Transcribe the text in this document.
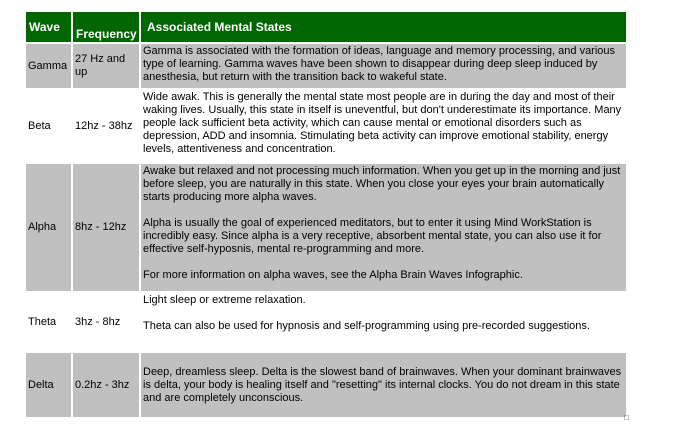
Wave	Frequency	Associated Mental States
Gamma	27 Hz and up	Gamma is associated with the formation of ideas, language and memory processing, and various type of learning. Gamma waves have been shown to disappear during deep sleep induced by anesthesia, but return with the transition back to wakeful state.

Beta	12hz - 38hz	Wide awak. This is generally the mental state most people are in during the day and most of their waking lives. Usually, this state in itself is uneventful, but don't underestimate its importance. Many people lack sufficient beta activity, which can cause mental or emotional disorders such as depression, ADD and insomnia. Stimulating beta activity can improve emotional stability, energy levels, attentiveness and concentration.

Alpha	8hz - 12hz	Awake but relaxed and not processing much information. When you get up in the morning and just before sleep, you are naturally in this state. When you close your eyes your brain automatically starts producing more alpha waves.

Alpha is usually the goal of experienced meditators, but to enter it using Mind WorkStation is incredibly easy. Since alpha is a very receptive, absorbent mental state, you can also use it for effective self-hyposnis, mental re-programming and more.

For more information on alpha waves, see the Alpha Brain Waves Infographic.

Theta	3hz - 8hz	Light sleep or extreme relaxation.

Theta can also be used for hypnosis and self-programming using pre-recorded suggestions.

Delta	0.2hz - 3hz	Deep, dreamless sleep. Delta is the slowest band of brainwaves. When your dominant brainwaves is delta, your body is healing itself and "resetting" its internal clocks. You do not dream in this state and are completely unconscious.

□
